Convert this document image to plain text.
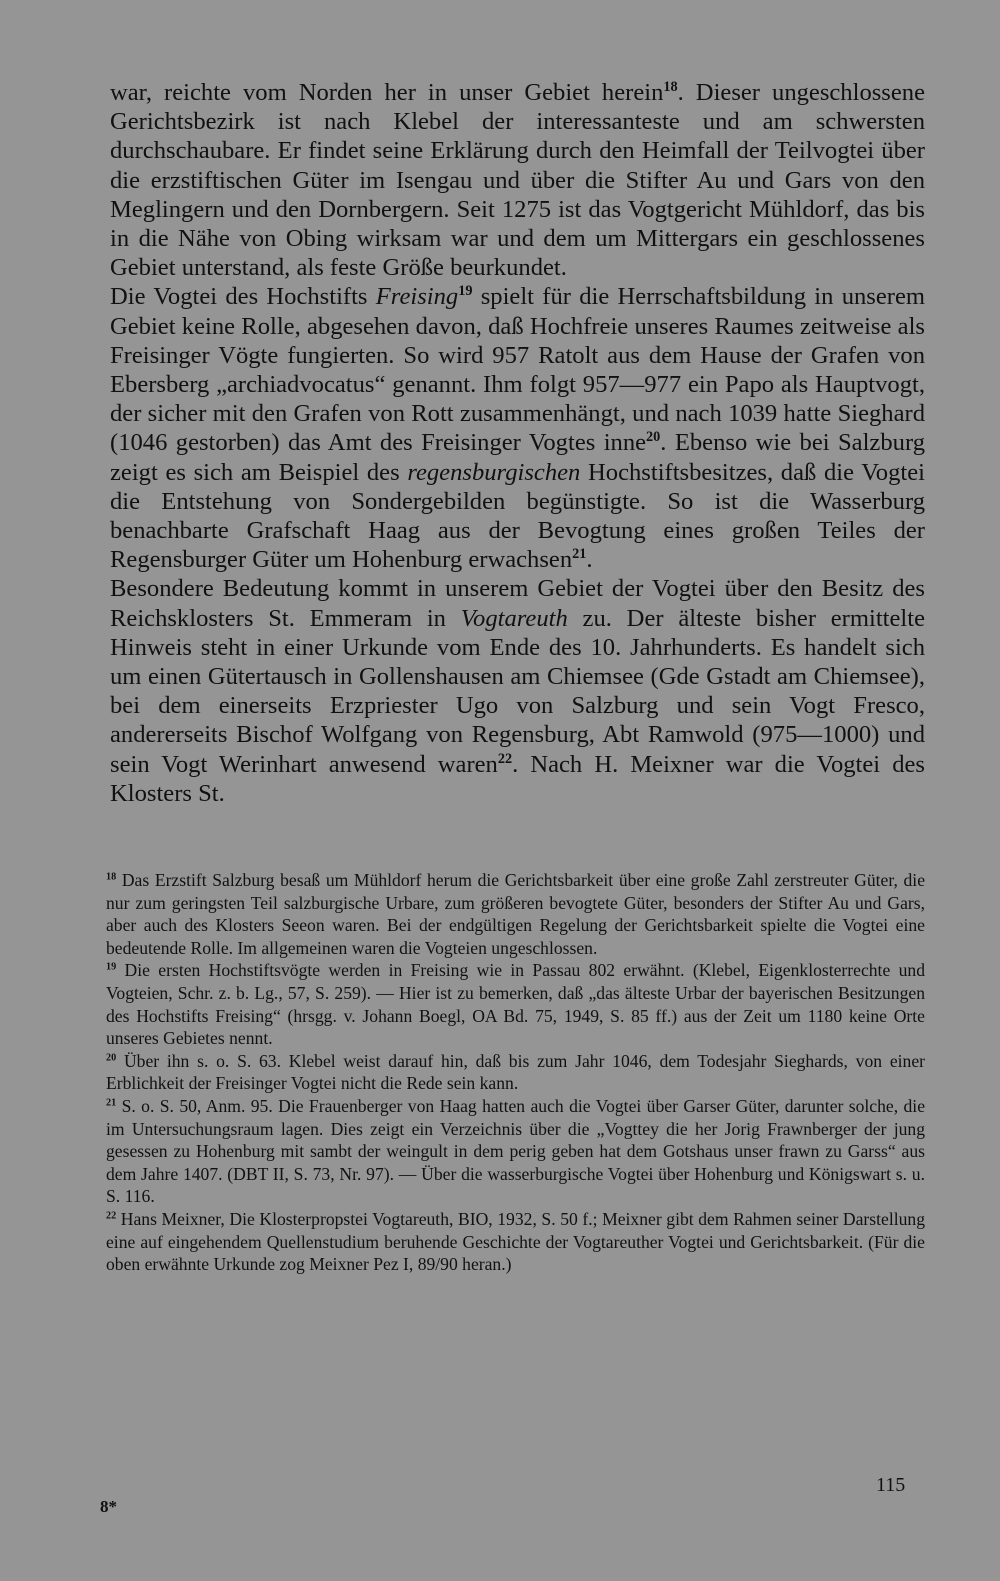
war, reichte vom Norden her in unser Gebiet herein$^{18}$. Dieser ungeschlossene Gerichtsbezirk ist nach Klebel der interessanteste und am schwersten durchschaubare. Er findet seine Erklärung durch den Heimfall der Teilvogtei über die erzstiftischen Güter im Isengau und über die Stifter Au und Gars von den Meglingern und den Dornbergern. Seit 1275 ist das Vogtgericht Mühldorf, das bis in die Nähe von Obing wirksam war und dem um Mittergars ein geschlossenes Gebiet unterstand, als feste Größe beurkundet.

Die Vogtei des Hochstifts Freising$^{19}$ spielt für die Herrschaftsbildung in unserem Gebiet keine Rolle, abgesehen davon, daß Hochfreie unseres Raumes zeitweise als Freisinger Vögte fungierten. So wird 957 Ratolt aus dem Hause der Grafen von Ebersberg „archiadvocatus“ genannt. Ihm folgt 957—977 ein Papo als Hauptvogt, der sicher mit den Grafen von Rott zusammenhängt, und nach 1039 hatte Sieghard (1046 gestorben) das Amt des Freisinger Vogtes inne$^{20}$. Ebenso wie bei Salzburg zeigt es sich am Beispiel des regensburgischen Hochstiftsbesitzes, daß die Vogtei die Entstehung von Sondergebilden begünstigte. So ist die Wasserburg benachbarte Grafschaft Haag aus der Bevogtung eines großen Teiles der Regensburger Güter um Hohenburg erwachsen$^{21}$.

Besondere Bedeutung kommt in unserem Gebiet der Vogtei über den Besitz des Reichsklosters St. Emmeram in Vogtareuth zu. Der älteste bisher ermittelte Hinweis steht in einer Urkunde vom Ende des 10. Jahrhunderts. Es handelt sich um einen Gütertausch in Gollenshausen am Chiemsee (Gde Gstadt am Chiemsee), bei dem einerseits Erzpriester Ugo von Salzburg und sein Vogt Fresco, andererseits Bischof Wolfgang von Regensburg, Abt Ramwold (975—1000) und sein Vogt Werinhart anwesend waren$^{22}$. Nach H. Meixner war die Vogtei des Klosters St.

$^{18}$ Das Erzstift Salzburg besaß um Mühldorf herum die Gerichtsbarkeit über eine große Zahl zerstreuter Güter, die nur zum geringsten Teil salzburgische Urbare, zum größeren bevogtete Güter, besonders der Stifter Au und Gars, aber auch des Klosters Seeon waren. Bei der endgültigen Regelung der Gerichtsbarkeit spielte die Vogtei eine bedeutende Rolle. Im allgemeinen waren die Vogteien ungeschlossen.

$^{19}$ Die ersten Hochstiftsvögte werden in Freising wie in Passau 802 erwähnt. (Klebel, Eigenklosterrechte und Vogteien, Schr. z. b. Lg., 57, S. 259). — Hier ist zu bemerken, daß „das älteste Urbar der bayerischen Besitzungen des Hochstifts Freising“ (hrsgg. v. Johann Boegl, OA Bd. 75, 1949, S. 85 ff.) aus der Zeit um 1180 keine Orte unseres Gebietes nennt.

$^{20}$ Über ihn s. o. S. 63. Klebel weist darauf hin, daß bis zum Jahr 1046, dem Todesjahr Sieghards, von einer Erblichkeit der Freisinger Vogtei nicht die Rede sein kann.

$^{21}$ S. o. S. 50, Anm. 95. Die Frauenberger von Haag hatten auch die Vogtei über Garser Güter, darunter solche, die im Untersuchungsraum lagen. Dies zeigt ein Verzeichnis über die „Vogttey die her Jorig Frawnberger der jung gesessen zu Hohenburg mit sambt der weingult in dem perig geben hat dem Gotshaus unser frawn zu Garss“ aus dem Jahre 1407. (DBT II, S. 73, Nr. 97). — Über die wasserburgische Vogtei über Hohenburg und Königswart s. u. S. 116.

$^{22}$ Hans Meixner, Die Klosterpropstei Vogtareuth, BIO, 1932, S. 50 f.; Meixner gibt dem Rahmen seiner Darstellung eine auf eingehendem Quellenstudium beruhende Geschichte der Vogtareuther Vogtei und Gerichtsbarkeit. (Für die oben erwähnte Urkunde zog Meixner Pez I, 89/90 heran.)

115
8*
